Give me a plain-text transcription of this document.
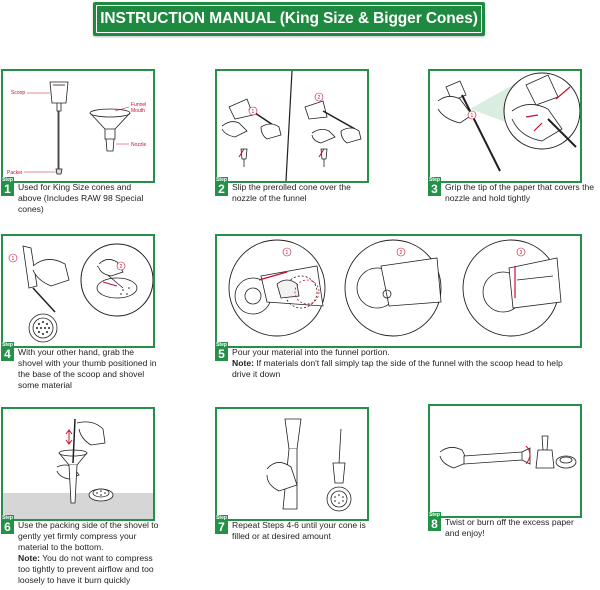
INSTRUCTION MANUAL (King Size & Bigger Cones)
Scoop
Funnel
Mouth
Nozzle
Packer
Step
1 Used for King Size cones and above (Includes RAW 98 Special cones)
1
2
Step
2 Slip the prerolled cone over the nozzle of the funnel
1
Step
3 Grip the tip of the paper that covers the nozzle and hold tightly
1
2
Step
4 With your other hand, grab the shovel with your thumb positioned in the base of the scoop and shovel some material
1	2	3
Step
5 Pour your material into the funnel portion.
Note: If materials don't fall simply tap the side of the funnel with the scoop head to help drive it down
Step
6 Use the packing side of the shovel to gently yet firmly compress your material to the bottom.
Note: You do not want to compress too tightly to prevent airflow and too loosely to have it burn quickly
Step
7 Repeat Steps 4-6 until your cone is filled or at desired amount
Step
8 Twist or burn off the excess paper and enjoy!
